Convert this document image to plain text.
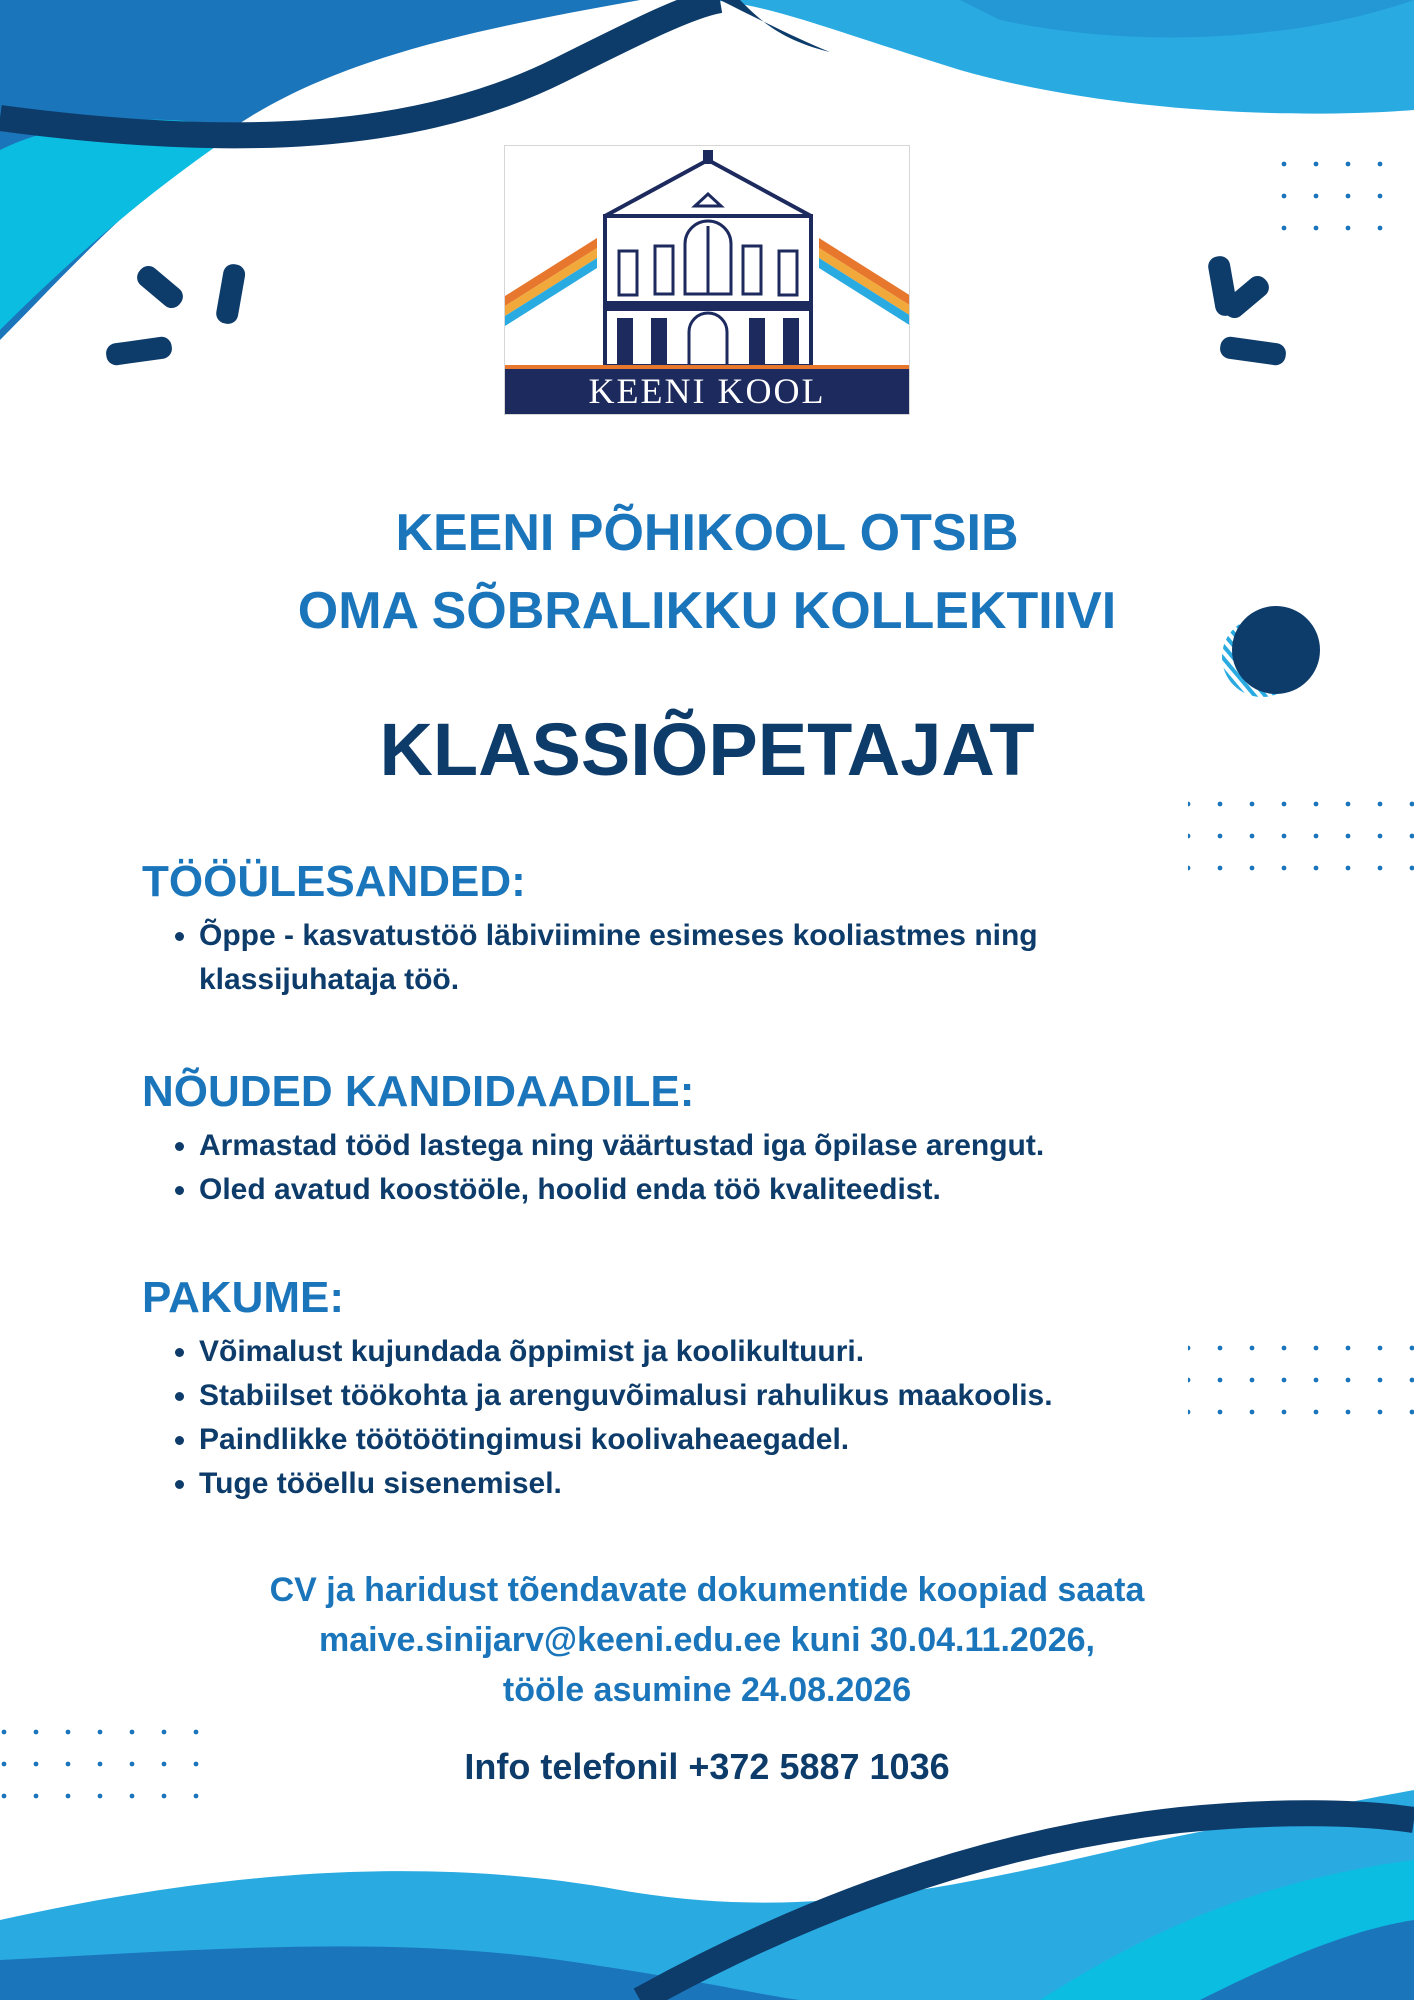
KEENI KOOL
KEENI PÕHIKOOL OTSIB
OMA SÕBRALIKKU KOLLEKTIIVI
KLASSIÕPETAJAT
TÖÖÜLESANDED:
• Õppe - kasvatustöö läbiviimine esimeses kooliastmes ning klassijuhataja töö.
NÕUDED KANDIDAADILE:
• Armastad tööd lastega ning väärtustad iga õpilase arengut.
• Oled avatud koostööle, hoolid enda töö kvaliteedist.
PAKUME:
• Võimalust kujundada õppimist ja koolikultuuri.
• Stabiilset töökohta ja arenguvõimalusi rahulikus maakoolis.
• Paindlikke töötöötingimusi koolivaheaegadel.
• Tuge tööellu sisenemisel.
CV ja haridust tõendavate dokumentide koopiad saata
maive.sinijarv@keeni.edu.ee kuni 30.04.11.2026,
tööle asumine 24.08.2026
Info telefonil +372 5887 1036
